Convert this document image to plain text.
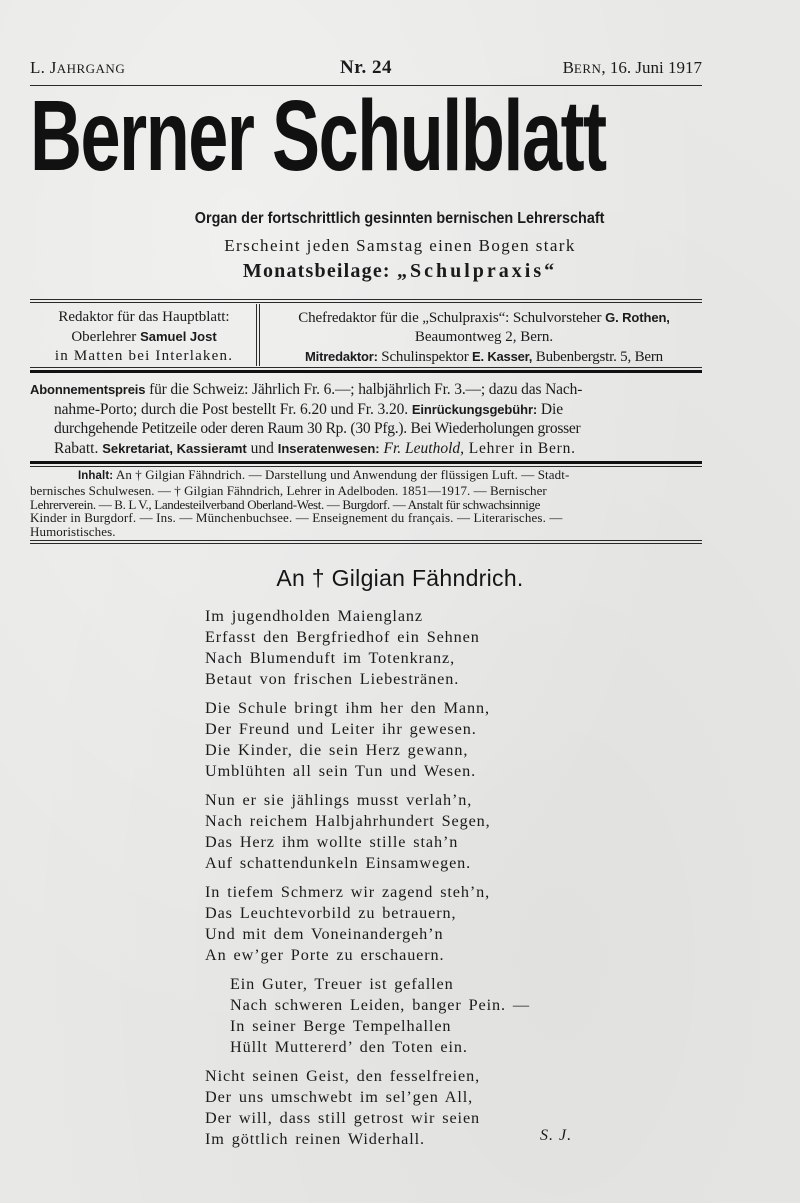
L. JAHRGANG	Nr. 24	BERN, 16. Juni 1917
Berner Schulblatt
Organ der fortschrittlich gesinnten bernischen Lehrerschaft
Erscheint jeden Samstag einen Bogen stark
Monatsbeilage: „Schulpraxis“
Redaktor für das Hauptblatt:
Oberlehrer Samuel Jost
in Matten bei Interlaken.
Chefredaktor für die „Schulpraxis“: Schulvorsteher G. Rothen,
Beaumontweg 2, Bern.
Mitredaktor: Schulinspektor E. Kasser, Bubenbergstr. 5, Bern
Abonnementspreis für die Schweiz: Jährlich Fr. 6.—; halbjährlich Fr. 3.—; dazu das Nach-
nahme-Porto; durch die Post bestellt Fr. 6.20 und Fr. 3.20. Einrückungsgebühr: Die
durchgehende Petitzeile oder deren Raum 30 Rp. (30 Pfg.). Bei Wiederholungen grosser
Rabatt. Sekretariat, Kassieramt und Inseratenwesen: Fr. Leuthold, Lehrer in Bern.
Inhalt: An † Gilgian Fähndrich. — Darstellung und Anwendung der flüssigen Luft. — Stadt-
bernisches Schulwesen. — † Gilgian Fähndrich, Lehrer in Adelboden. 1851—1917. — Bernischer
Lehrerverein. — B. L V., Landesteilverband Oberland-West. — Burgdorf. — Anstalt für schwachsinnige
Kinder in Burgdorf. — Ins. — Münchenbuchsee. — Enseignement du français. — Literarisches. —
Humoristisches.
An † Gilgian Fähndrich.
Im jugendholden Maienglanz
Erfasst den Bergfriedhof ein Sehnen
Nach Blumenduft im Totenkranz,
Betaut von frischen Liebestränen.
Die Schule bringt ihm her den Mann,
Der Freund und Leiter ihr gewesen.
Die Kinder, die sein Herz gewann,
Umblühten all sein Tun und Wesen.
Nun er sie jählings musst verlah’n,
Nach reichem Halbjahrhundert Segen,
Das Herz ihm wollte stille stah’n
Auf schattendunkeln Einsamwegen.
In tiefem Schmerz wir zagend steh’n,
Das Leuchtevorbild zu betrauern,
Und mit dem Voneinandergeh’n
An ew’ger Porte zu erschauern.
Ein Guter, Treuer ist gefallen
Nach schweren Leiden, banger Pein. —
In seiner Berge Tempelhallen
Hüllt Muttererd’ den Toten ein.
Nicht seinen Geist, den fesselfreien,
Der uns umschwebt im sel’gen All,
Der will, dass still getrost wir seien
Im göttlich reinen Widerhall.	S. J.
